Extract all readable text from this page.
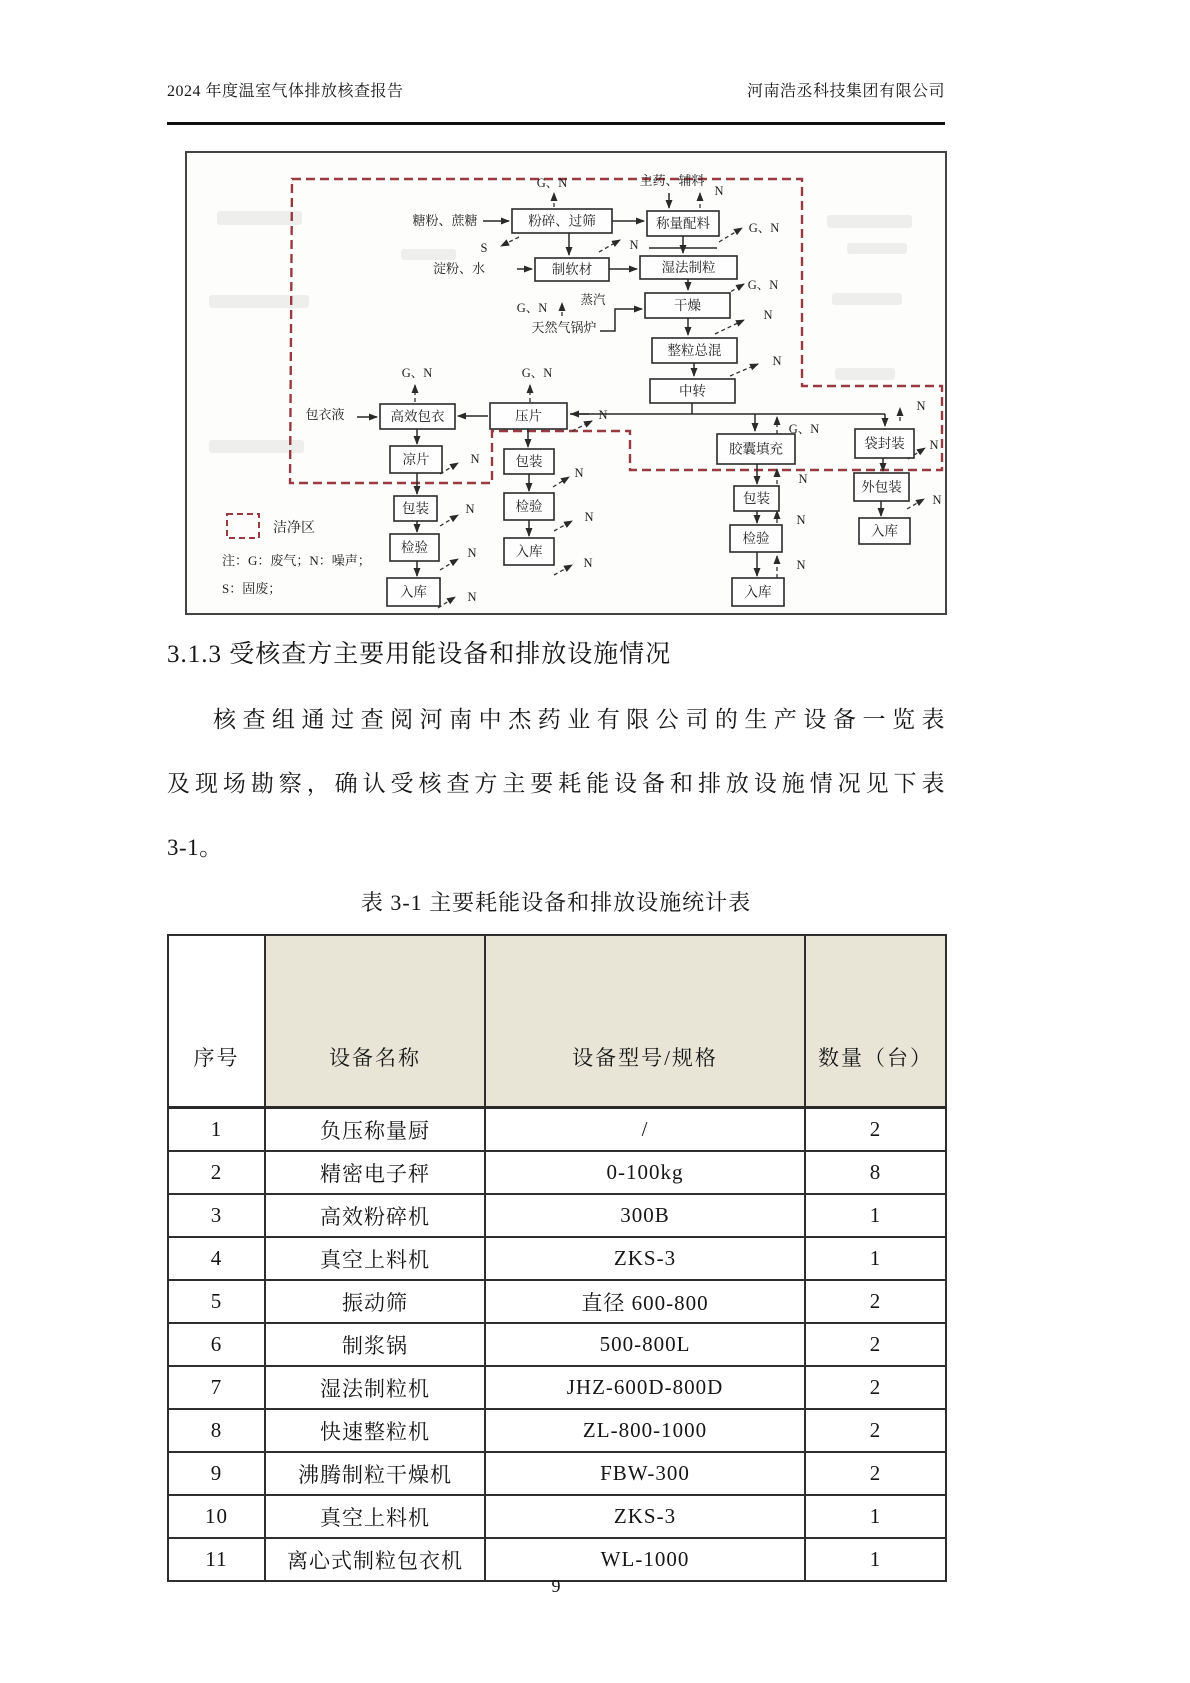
2024 年度温室气体排放核查报告	河南浩丞科技集团有限公司
粉碎、过筛	称量配料
制软材	湿法制粒
干燥
整粒总混
中转
高效包衣	压片
凉片
包装
检验
入库
包装
检验
入库
胶囊填充
包装
检验
入库
袋封装
外包装
入库
糖粉、蔗糖
淀粉、水
主药、辅料
蒸汽
天然气锅炉
包衣液
G、N
N
S	N
G、N
G、N
G、N	N
N
G、N	G、N
N
N
N
N
N
N
N
N
G、N
N
N
N
N
N
N
洁净区
注：G：废气；N：噪声；
S：固废；
3.1.3 受核查方主要用能设备和排放设施情况
核查组通过查阅河南中杰药业有限公司的生产设备一览表
及现场勘察，确认受核查方主要耗能设备和排放设施情况见下表
3-1。
表 3-1 主要耗能设备和排放设施统计表
序号	设备名称	设备型号/规格	数量（台）
1	负压称量厨	/	2
2	精密电子秤	0-100kg	8
3	高效粉碎机	300B	1
4	真空上料机	ZKS-3	1
5	振动筛	直径 600-800	2
6	制浆锅	500-800L	2
7	湿法制粒机	JHZ-600D-800D	2
8	快速整粒机	ZL-800-1000	2
9	沸腾制粒干燥机	FBW-300	2
10	真空上料机	ZKS-3	1
11	离心式制粒包衣机	WL-1000	1
9
